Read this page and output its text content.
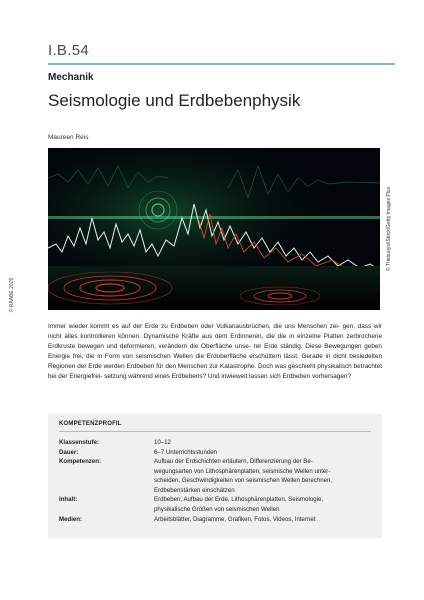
I.B.54
Mechanik
Seismologie und Erdbebenphysik
Maureen Reis
© Thebuoys/iStock/Getty Images Plus
© RAABE 2025

Immer wieder kommt es auf der Erde zu Erdbeben oder Vulkanausbrüchen, die uns Menschen zei- gen, dass wir nicht alles kontrollieren können. Dynamische Kräfte aus dem Erdinneren, die die in einzelne Platten zerbrochene Erdkruste bewegen und deformieren, verändern die Oberfläche unse- rer Erde ständig. Diese Bewegungen geben Energie frei, die in Form von seismischen Wellen die Erdoberfläche erschüttern lässt. Gerade in dicht besiedelten Regionen der Erde werden Erdbeben für den Menschen zur Katastrophe. Doch was geschieht physikalisch betrachtet bei der Energiefrei- setzung während eines Erdbebens? Und inwieweit lassen sich Erdbeben vorhersagen?

KOMPETENZPROFIL
Klassenstufe:	10–12
Dauer:	6–7 Unterrichtsstunden
Kompetenzen:	Aufbau der Erdschichten erläutern, Differenzierung der Be-
wegungsarten von Lithosphärenplatten, seismische Wellen unter-
scheiden, Geschwindigkeiten von seismischen Wellen berechnen,
Erdbebenstärken einschätzen
Inhalt:	Erdbeben, Aufbau der Erde, Lithosphärenplatten, Seismologie,
physikalische Größen von seismischen Wellen
Medien:	Arbeitsblätter, Diagramme, Grafiken, Fotos, Videos, Internet
